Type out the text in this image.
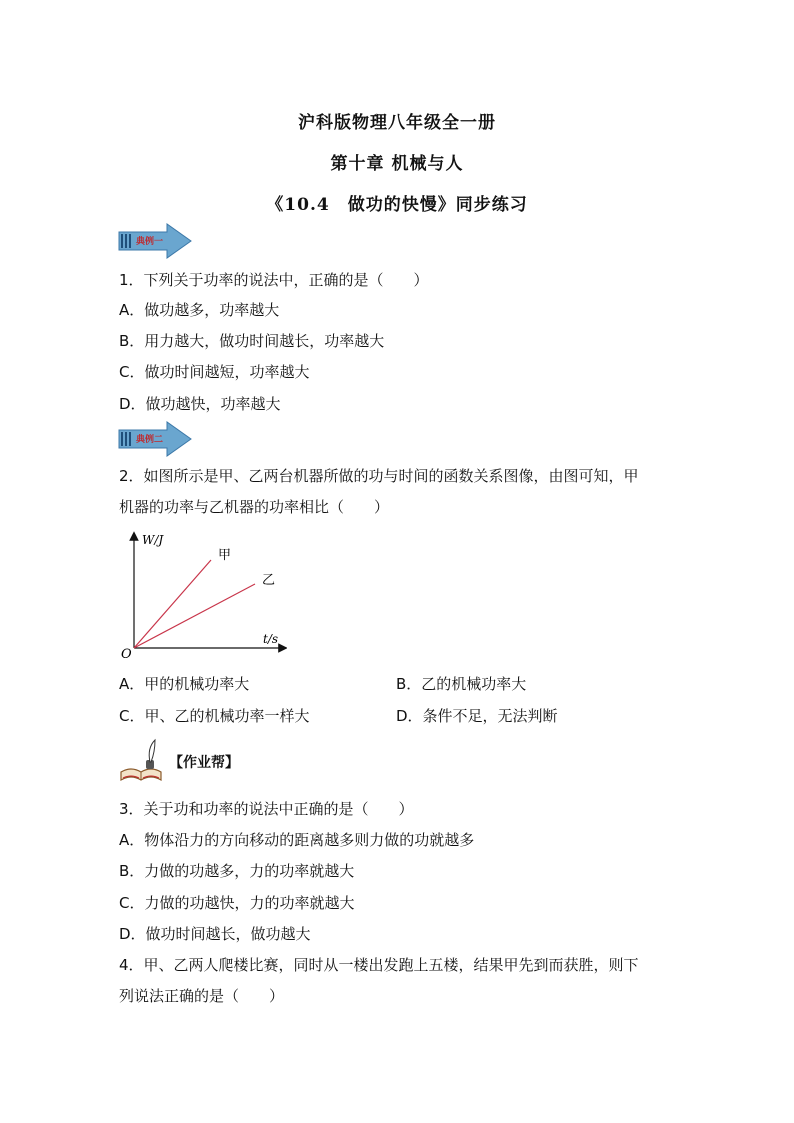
沪科版物理八年级全一册
第十章 机械与人
《10.4　做功的快慢》同步练习
典例一
1．下列关于功率的说法中，正确的是（　　）
A．做功越多，功率越大
B．用力越大，做功时间越长，功率越大
C．做功时间越短，功率越大
D．做功越快，功率越大
典例二
2．如图所示是甲、乙两台机器所做的功与时间的函数关系图像，由图可知，甲
机器的功率与乙机器的功率相比（　　）
W/J
t/s
O
甲
乙
A．甲的机械功率大	B．乙的机械功率大
C．甲、乙的机械功率一样大	D．条件不足，无法判断
【作业帮】
3．关于功和功率的说法中正确的是（　　）
A．物体沿力的方向移动的距离越多则力做的功就越多
B．力做的功越多，力的功率就越大
C．力做的功越快，力的功率就越大
D．做功时间越长，做功越大
4．甲、乙两人爬楼比赛，同时从一楼出发跑上五楼，结果甲先到而获胜，则下
列说法正确的是（　　）
